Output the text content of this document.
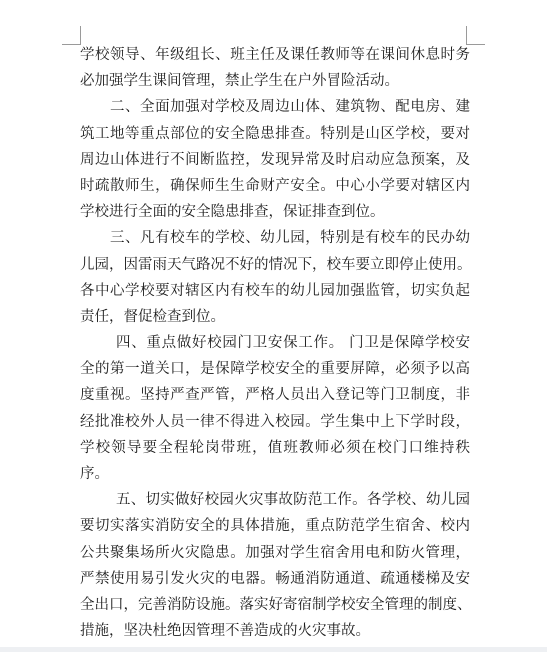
学校领导、年级组长、班主任及课任教师等在课间休息时务
必加强学生课间管理，禁止学生在户外冒险活动。
二、全面加强对学校及周边山体、建筑物、配电房、建
筑工地等重点部位的安全隐患排查。特别是山区学校，要对
周边山体进行不间断监控，发现异常及时启动应急预案，及
时疏散师生，确保师生生命财产安全。中心小学要对辖区内
学校进行全面的安全隐患排查，保证排查到位。
三、凡有校车的学校、幼儿园，特别是有校车的民办幼
儿园，因雷雨天气路况不好的情况下，校车要立即停止使用。
各中心学校要对辖区内有校车的幼儿园加强监管，切实负起
责任，督促检查到位。
四、重点做好校园门卫安保工作。 门卫是保障学校安
全的第一道关口，是保障学校安全的重要屏障，必须予以高
度重视。坚持严查严管，严格人员出入登记等门卫制度，非
经批准校外人员一律不得进入校园。学生集中上下学时段，
学校领导要全程轮岗带班，值班教师必须在校门口维持秩
序。
五、切实做好校园火灾事故防范工作。各学校、幼儿园
要切实落实消防安全的具体措施，重点防范学生宿舍、校内
公共聚集场所火灾隐患。加强对学生宿舍用电和防火管理，
严禁使用易引发火灾的电器。畅通消防通道、疏通楼梯及安
全出口，完善消防设施。落实好寄宿制学校安全管理的制度、
措施，坚决杜绝因管理不善造成的火灾事故。
